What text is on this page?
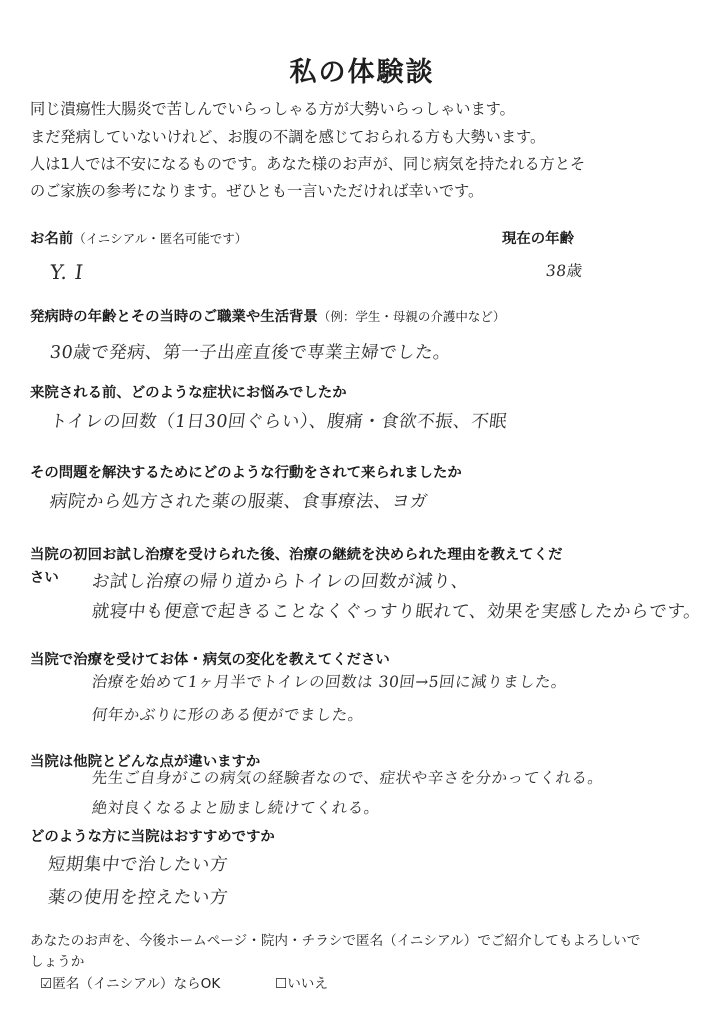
私の体験談
同じ潰瘍性大腸炎で苦しんでいらっしゃる方が大勢いらっしゃいます。
まだ発病していないけれど、お腹の不調を感じておられる方も大勢います。
人は1人では不安になるものです。あなた様のお声が、同じ病気を持たれる方とそ
のご家族の参考になります。ぜひとも一言いただければ幸いです。
お名前（イニシアル・匿名可能です）	現在の年齢
Y. I	38歳
発病時の年齢とその当時のご職業や生活背景（例：学生・母親の介護中など）
30歳で発病、第一子出産直後で専業主婦でした。
来院される前、どのような症状にお悩みでしたか
トイレの回数（1日30回ぐらい）、腹痛・食欲不振、不眠
その問題を解決するためにどのような行動をされて来られましたか
病院から処方された薬の服薬、食事療法、ヨガ
当院の初回お試し治療を受けられた後、治療の継続を決められた理由を教えてくだ
さい お試し治療の帰り道からトイレの回数が減り、
就寝中も便意で起きることなくぐっすり眠れて、効果を実感したからです。
当院で治療を受けてお体・病気の変化を教えてください
治療を始めて1ヶ月半でトイレの回数は 30回→5回に減りました。
何年かぶりに形のある便がでました。
当院は他院とどんな点が違いますか
先生ご自身がこの病気の経験者なので、症状や辛さを分かってくれる。
絶対良くなるよと励まし続けてくれる。
どのような方に当院はおすすめですか
短期集中で治したい方
薬の使用を控えたい方
あなたのお声を、今後ホームページ・院内・チラシで匿名（イニシアル）でご紹介してもよろしいで
しょうか
☑匿名（イニシアル）ならOK	☐いいえ
